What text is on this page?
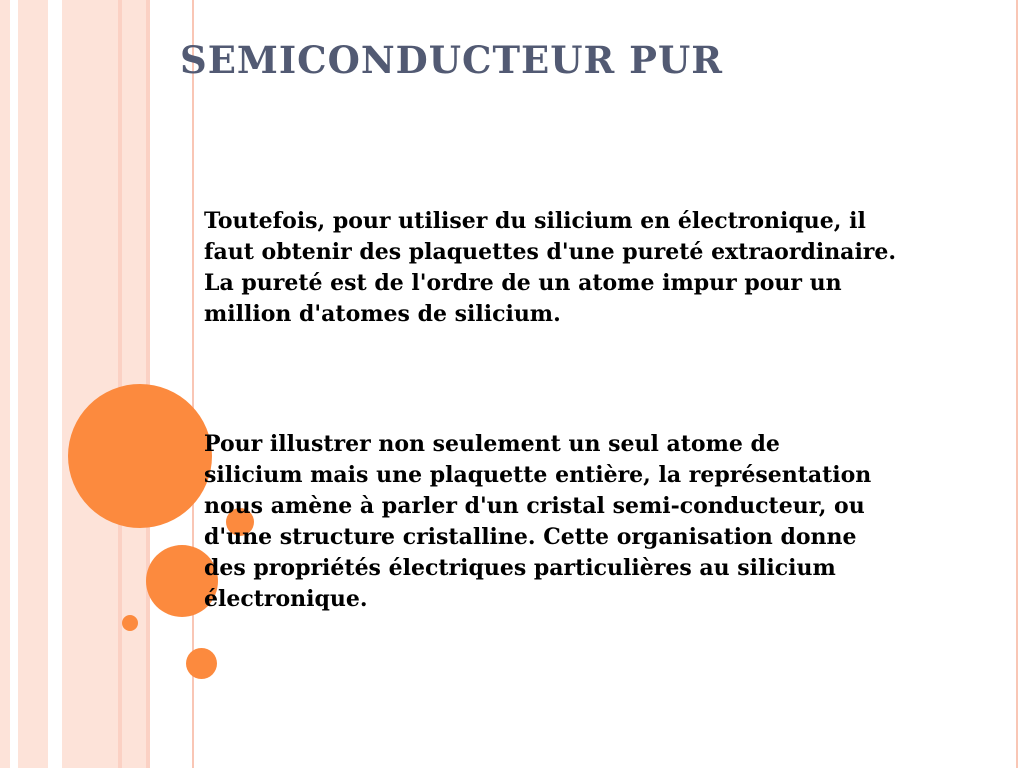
SEMICONDUCTEUR PUR
Toutefois, pour utiliser du silicium en électronique, il
faut obtenir des plaquettes d'une pureté extraordinaire.
La pureté est de l'ordre de un atome impur pour un
million d'atomes de silicium.
Pour illustrer non seulement un seul atome de
silicium mais une plaquette entière, la représentation
nous amène à parler d'un cristal semi-conducteur, ou
d'une structure cristalline. Cette organisation donne
des propriétés électriques particulières au silicium
électronique.
